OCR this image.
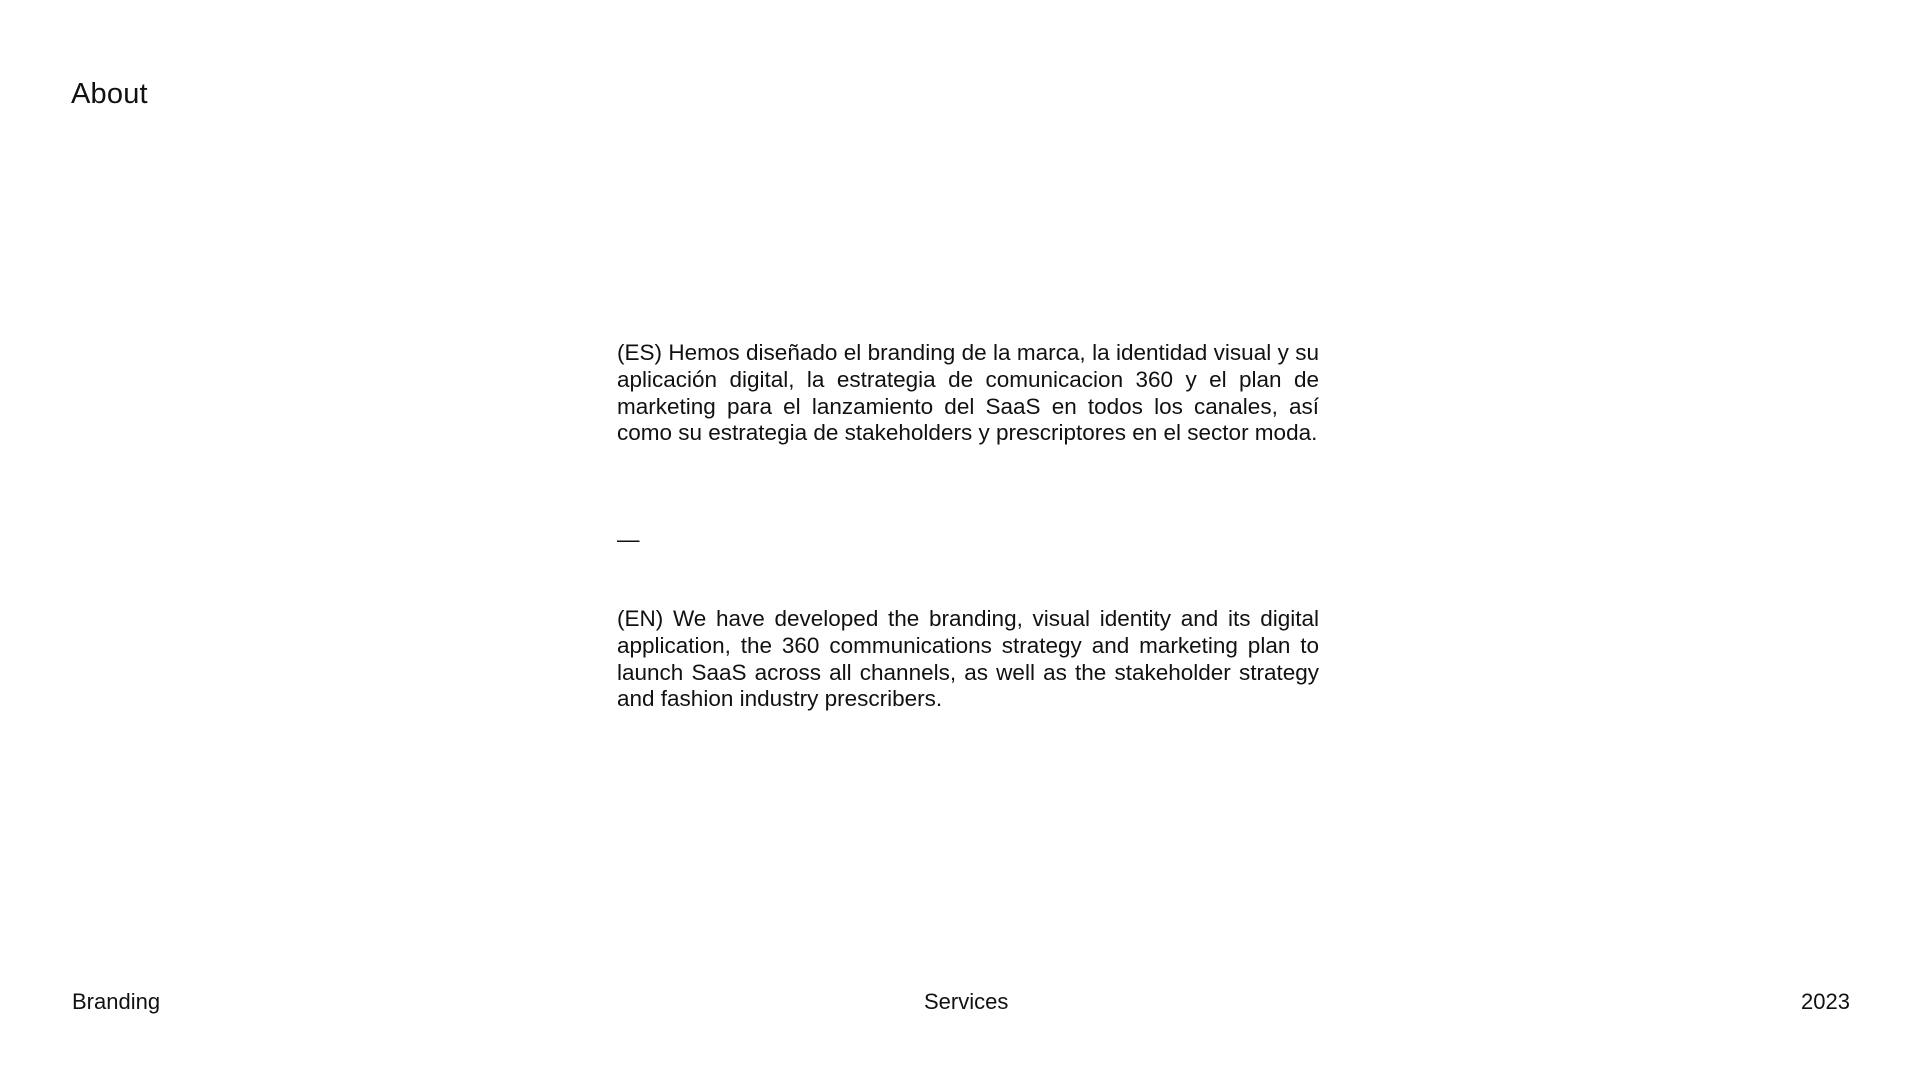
About

(ES) Hemos diseñado el branding de la marca, la identidad visual y su aplicación digital, la estrategia de comunicacion 360 y el plan de marketing para el lanzamiento del SaaS en todos los canales, así como su estrategia de stakeholders y prescriptores en el sector moda.

—

(EN) We have developed the branding, visual identity and its digital application, the 360 communications strategy and marketing plan to launch SaaS across all channels, as well as the stakeholder strategy and fashion industry prescribers.

Branding	Services	2023
